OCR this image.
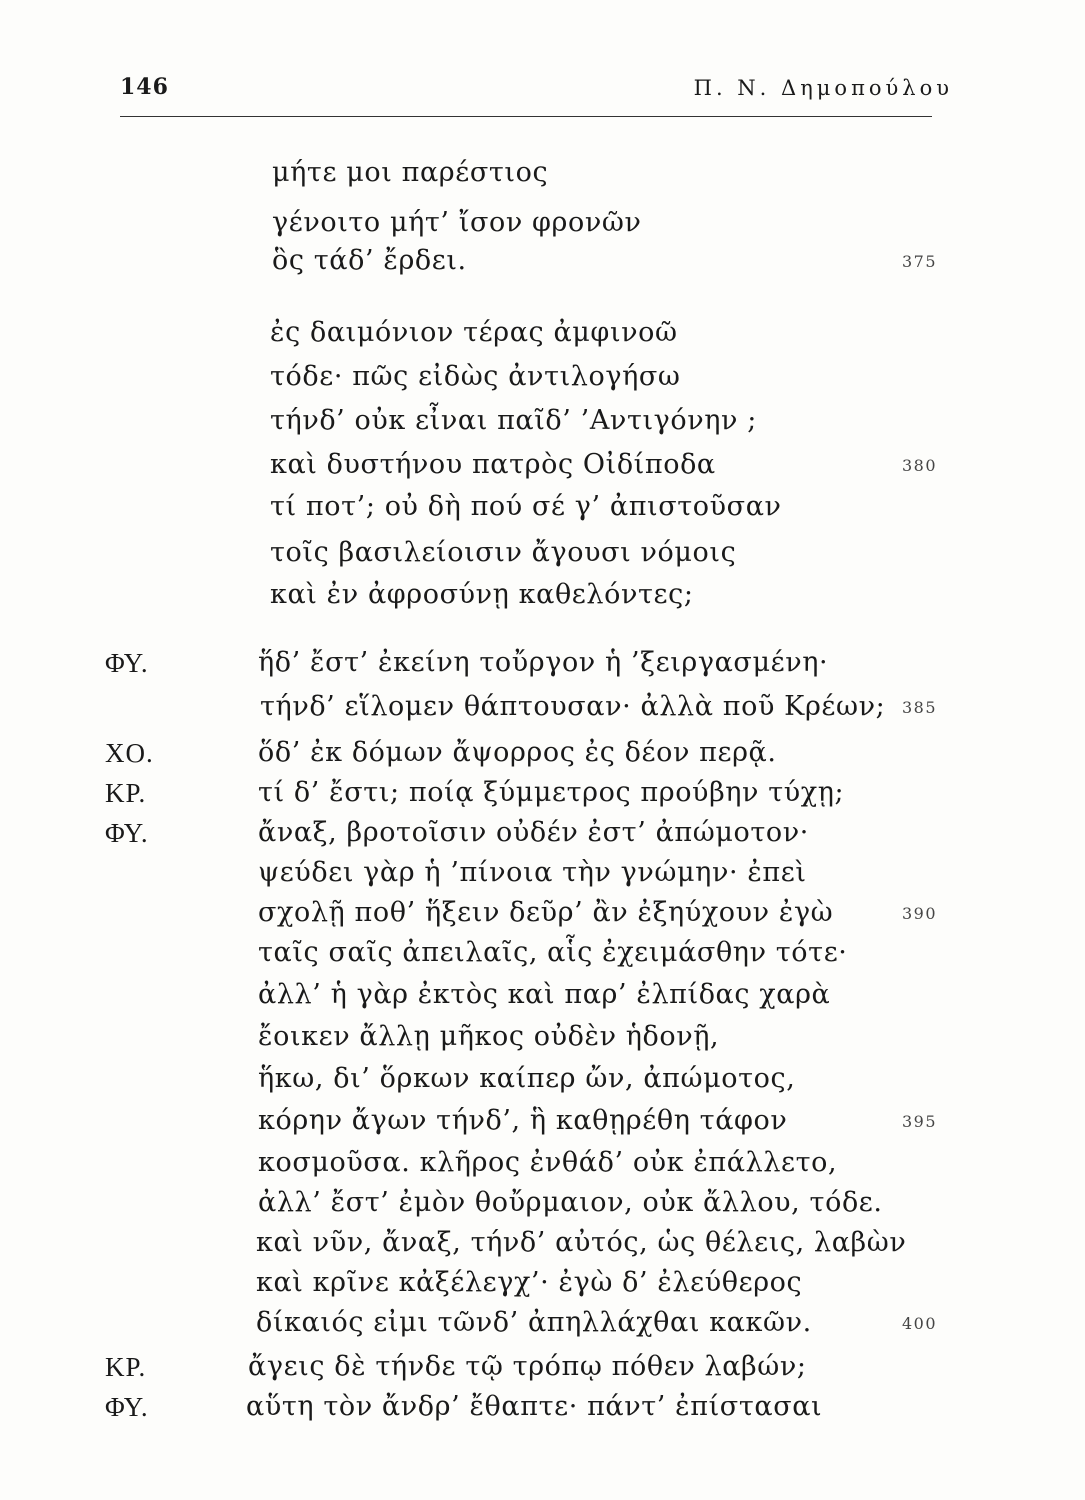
146	Π. Ν. Δημοπούλου
μήτε μοι παρέστιος
γένοιτο μήτ’ ἴσον φρονῶν
ὃς τάδ’ ἔρδει.	375
ἐς δαιμόνιον τέρας ἀμφινοῶ
τόδε· πῶς εἰδὼς ἀντιλογήσω
τήνδ’ οὐκ εἶναι παῖδ’ ’Αντιγόνην ;
καὶ δυστήνου πατρὸς Οἰδίποδα	380
τί ποτ’; οὐ δὴ πού σέ γ’ ἀπιστοῦσαν
τοῖς βασιλείοισιν ἄγουσι νόμοις
καὶ ἐν ἀφροσύνῃ καθελόντες;
ΦΥ.	ἥδ’ ἔστ’ ἐκείνη τοὔργον ἡ ’ξειργασμένη·
τήνδ’ εἵλομεν θάπτουσαν· ἀλλὰ ποῦ Κρέων; 385
ΧΟ.	ὅδ’ ἐκ δόμων ἄψορρος ἐς δέον περᾷ.
ΚΡ.	τί δ’ ἔστι; ποίᾳ ξύμμετρος προύβην τύχῃ;
ΦΥ.	ἄναξ, βροτοῖσιν οὐδέν ἐστ’ ἀπώμοτον·
ψεύδει γὰρ ἡ ’πίνοια τὴν γνώμην· ἐπεὶ
σχολῇ ποθ’ ἥξειν δεῦρ’ ἂν ἐξηύχουν ἐγὼ	390
ταῖς σαῖς ἀπειλαῖς, αἷς ἐχειμάσθην τότε·
ἀλλ’ ἡ γὰρ ἐκτὸς καὶ παρ’ ἐλπίδας χαρὰ
ἔοικεν ἄλλῃ μῆκος οὐδὲν ἡδονῇ,
ἥκω, δι’ ὅρκων καίπερ ὤν, ἀπώμοτος,
κόρην ἄγων τήνδ’, ἣ καθῃρέθη τάφον	395
κοσμοῦσα. κλῆρος ἐνθάδ’ οὐκ ἐπάλλετο,
ἀλλ’ ἔστ’ ἐμὸν θοὔρμαιον, οὐκ ἄλλου, τόδε.
καὶ νῦν, ἄναξ, τήνδ’ αὐτός, ὡς θέλεις, λαβὼν
καὶ κρῖνε κἀξέλεγχ’· ἐγὼ δ’ ἐλεύθερος
δίκαιός εἰμι τῶνδ’ ἀπηλλάχθαι κακῶν.	400
ΚΡ.	ἄγεις δὲ τήνδε τῷ τρόπῳ πόθεν λαβών;
ΦΥ.	αὕτη τὸν ἄνδρ’ ἔθαπτε· πάντ’ ἐπίστασαι
